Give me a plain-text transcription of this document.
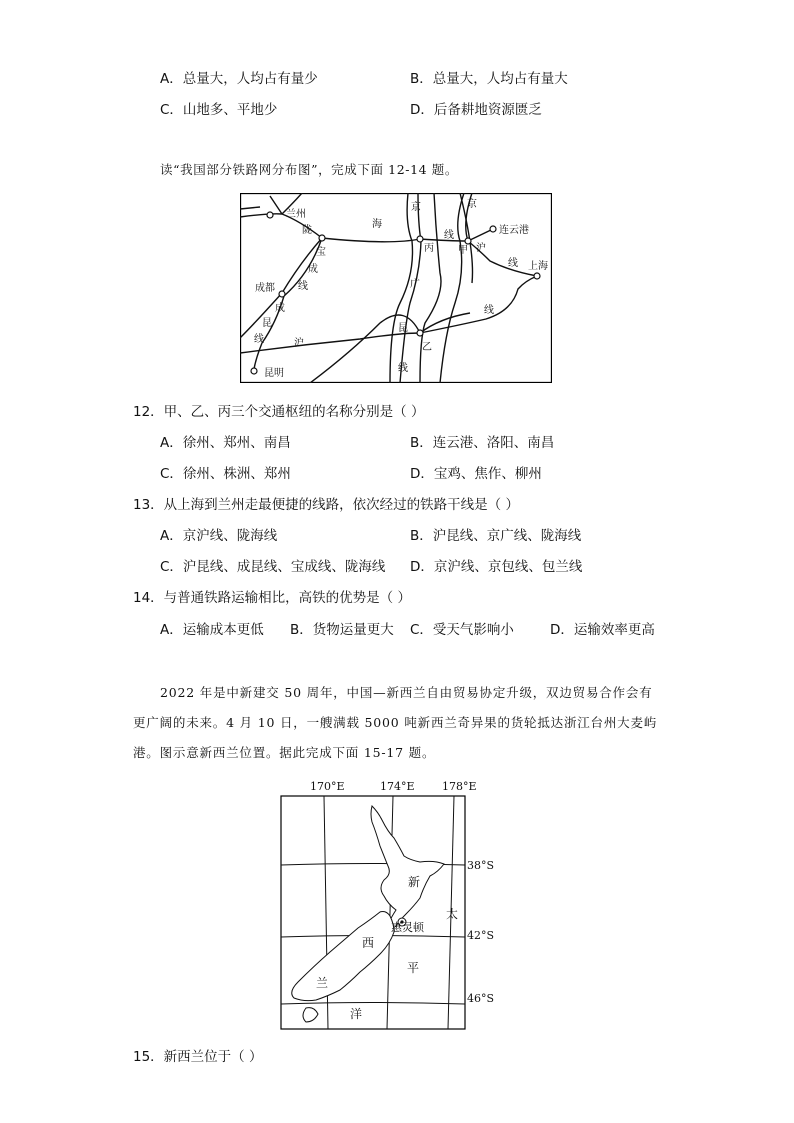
A．总量大，人均占有量少	B．总量大，人均占有量大
C．山地多、平地少	D．后备耕地资源匮乏
读“我国部分铁路网分布图”，完成下面 12-14 题。
兰州
陇
海
京	京
连云港
宝
线
丙 甲 沪
成
线 上海
成都 线	广
成	线
昆	昆
线	沪	乙
昆明	线
12．甲、乙、丙三个交通枢纽的名称分别是（ ）
A．徐州、郑州、南昌	B．连云港、洛阳、南昌
C．徐州、株洲、郑州	D．宝鸡、焦作、柳州
13．从上海到兰州走最便捷的线路，依次经过的铁路干线是（ ）
A．京沪线、陇海线	B．沪昆线、京广线、陇海线
C．沪昆线、成昆线、宝成线、陇海线 D．京沪线、京包线、包兰线
14．与普通铁路运输相比，高铁的优势是（ ）
A．运输成本更低 B．货物运量更大 C．受天气影响小	D．运输效率更高
2022 年是中新建交 50 周年，中国—新西兰自由贸易协定升级，双边贸易合作会有
更广阔的未来。4 月 10 日，一艘满载 5000 吨新西兰奇异果的货轮抵达浙江台州大麦屿
港。图示意新西兰位置。据此完成下面 15-17 题。
170°E	174°E 178°E
38°S
42°S
46°S
新
太
西
惠灵顿
平
兰
洋
15．新西兰位于（ ）
